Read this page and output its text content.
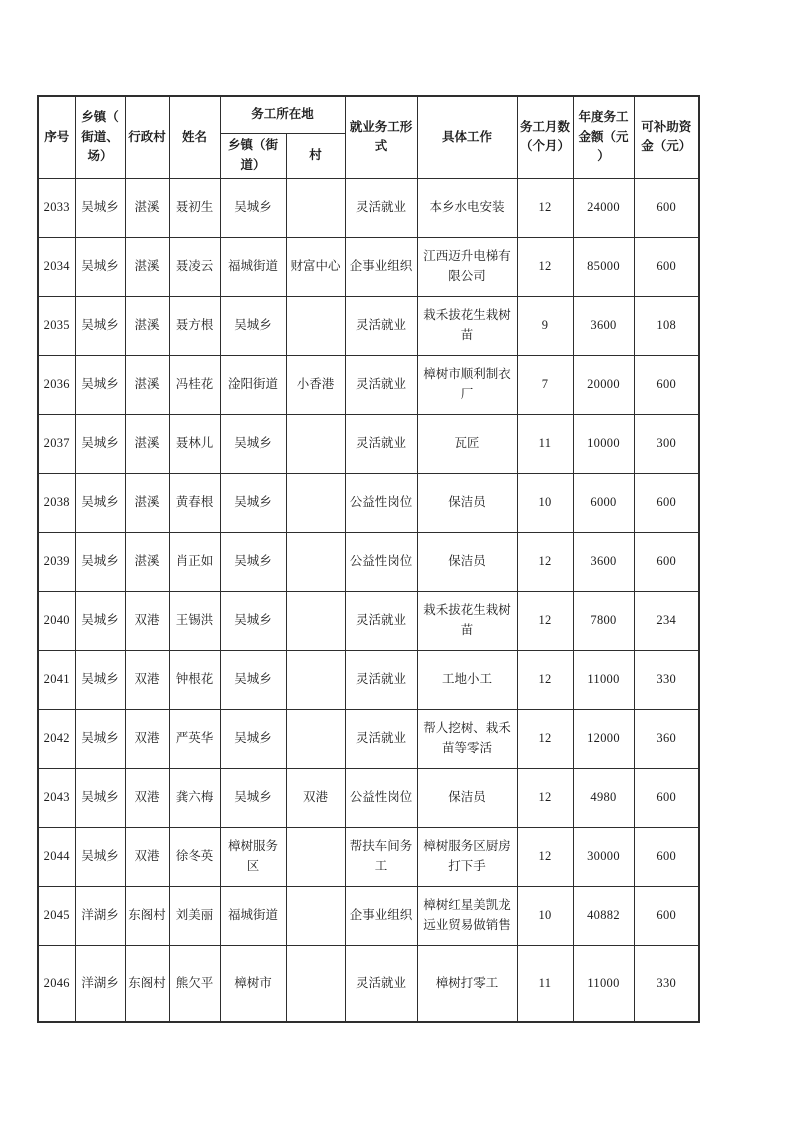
序号	乡镇（街道、场）	行政村	姓名	务工所在地		就业务工形式	具体工作	务工月数（个月）	年度务工金额（元）	可补助资金（元）
				乡镇（街道）	村					
2033	吴城乡	湛溪	聂初生	吴城乡		灵活就业	本乡水电安装	12	24000	600
2034	吴城乡	湛溪	聂凌云	福城街道	财富中心	企事业组织	江西迈升电梯有限公司	12	85000	600
2035	吴城乡	湛溪	聂方根	吴城乡		灵活就业	栽禾拔花生栽树苗	9	3600	108
2036	吴城乡	湛溪	冯桂花	淦阳街道	小香港	灵活就业	樟树市顺利制衣厂	7	20000	600
2037	吴城乡	湛溪	聂林儿	吴城乡		灵活就业	瓦匠	11	10000	300
2038	吴城乡	湛溪	黄春根	吴城乡		公益性岗位	保洁员	10	6000	600
2039	吴城乡	湛溪	肖正如	吴城乡		公益性岗位	保洁员	12	3600	600
2040	吴城乡	双港	王锡洪	吴城乡		灵活就业	栽禾拔花生栽树苗	12	7800	234
2041	吴城乡	双港	钟根花	吴城乡		灵活就业	工地小工	12	11000	330
2042	吴城乡	双港	严英华	吴城乡		灵活就业	帮人挖树、栽禾苗等零活	12	12000	360
2043	吴城乡	双港	龚六梅	吴城乡	双港	公益性岗位	保洁员	12	4980	600
2044	吴城乡	双港	徐冬英	樟树服务区		帮扶车间务工	樟树服务区厨房打下手	12	30000	600
2045	洋湖乡	东阁村	刘美丽	福城街道		企事业组织	樟树红星美凯龙远业贸易做销售	10	40882	600
2046	洋湖乡	东阁村	熊欠平	樟树市		灵活就业	樟树打零工	11	11000	330
